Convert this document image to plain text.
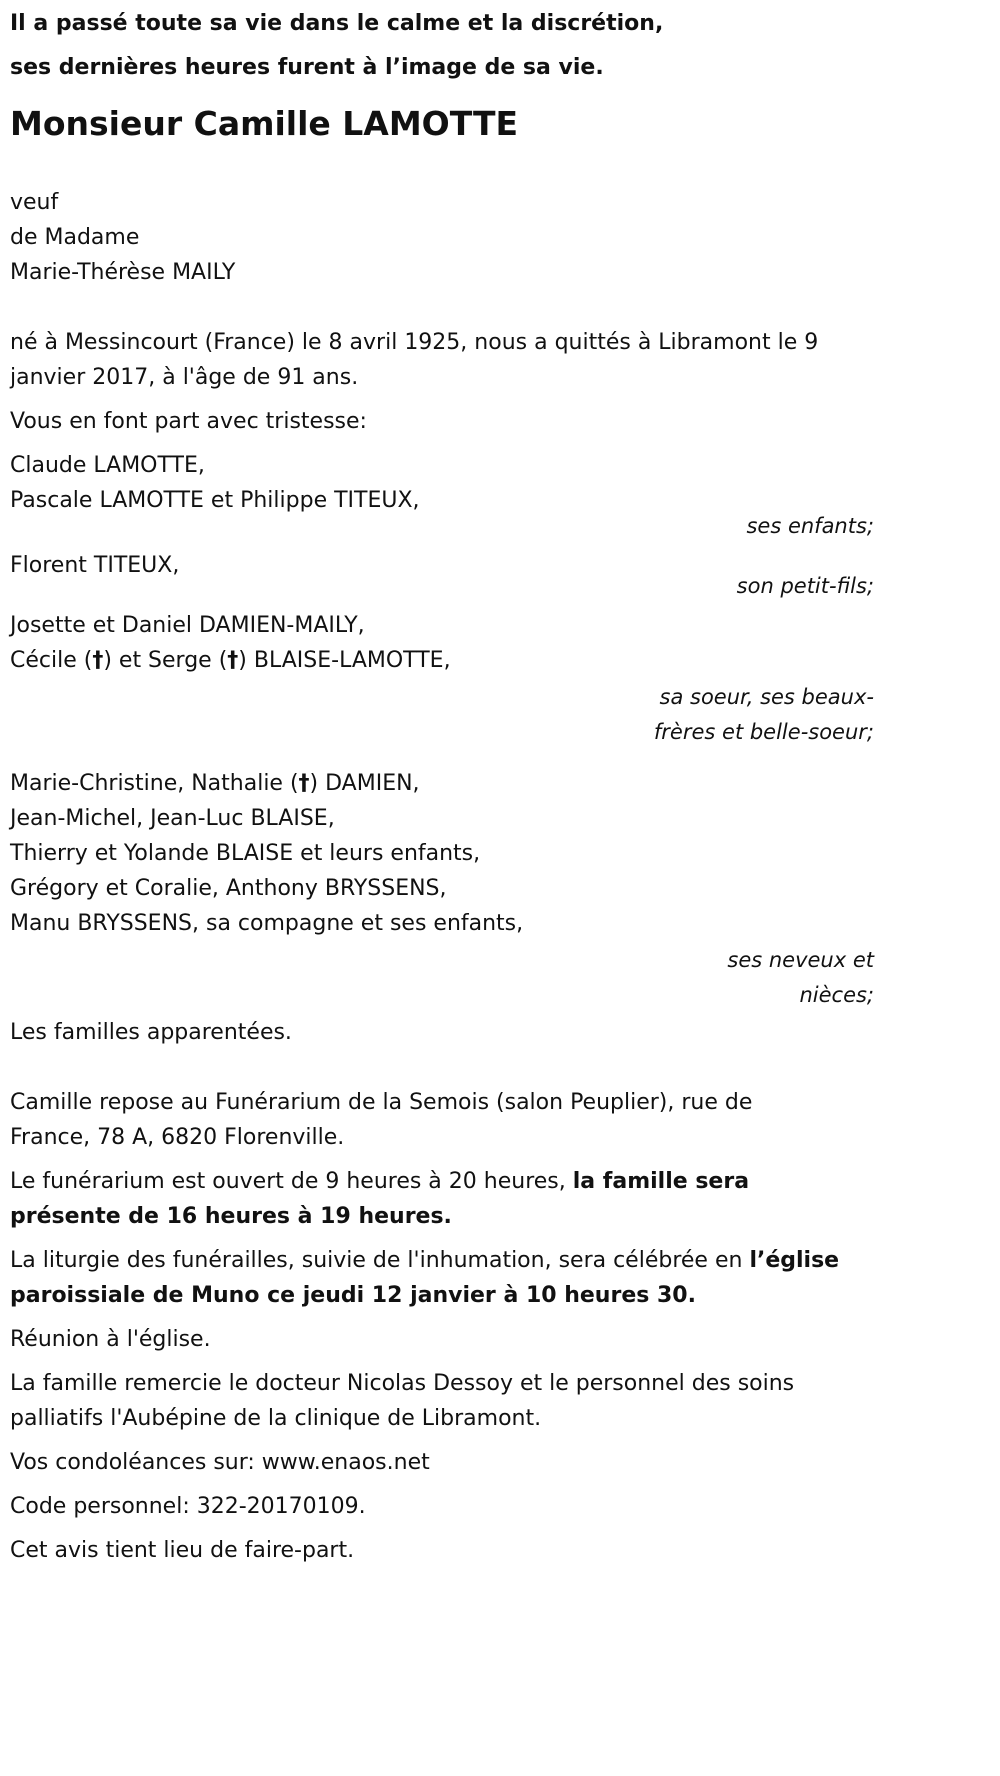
Il a passé toute sa vie dans le calme et la discrétion,
ses dernières heures furent à l’image de sa vie.

Monsieur Camille LAMOTTE
veuf
de Madame
Marie-Thérèse MAILY
né à Messincourt (France) le 8 avril 1925, nous a quittés à Libramont le 9
janvier 2017, à l'âge de 91 ans.
Vous en font part avec tristesse:
Claude LAMOTTE,
Pascale LAMOTTE et Philippe TITEUX,
ses enfants;
Florent TITEUX,
son petit-fils;
Josette et Daniel DAMIEN-MAILY,
Cécile (†) et Serge (†) BLAISE-LAMOTTE,
sa soeur, ses beaux-frères et belle-soeur;
Marie-Christine, Nathalie (†) DAMIEN,
Jean-Michel, Jean-Luc BLAISE,
Thierry et Yolande BLAISE et leurs enfants,
Grégory et Coralie, Anthony BRYSSENS,
Manu BRYSSENS, sa compagne et ses enfants,
ses neveux et nièces;
Les familles apparentées.
Camille repose au Funérarium de la Semois (salon Peuplier), rue de
France, 78 A, 6820 Florenville.
Le funérarium est ouvert de 9 heures à 20 heures, la famille sera
présente de 16 heures à 19 heures.
La liturgie des funérailles, suivie de l'inhumation, sera célébrée en l’église
paroissiale de Muno ce jeudi 12 janvier à 10 heures 30.
Réunion à l'église.
La famille remercie le docteur Nicolas Dessoy et le personnel des soins
palliatifs l'Aubépine de la clinique de Libramont.
Vos condoléances sur: www.enaos.net
Code personnel: 322-20170109.
Cet avis tient lieu de faire-part.
